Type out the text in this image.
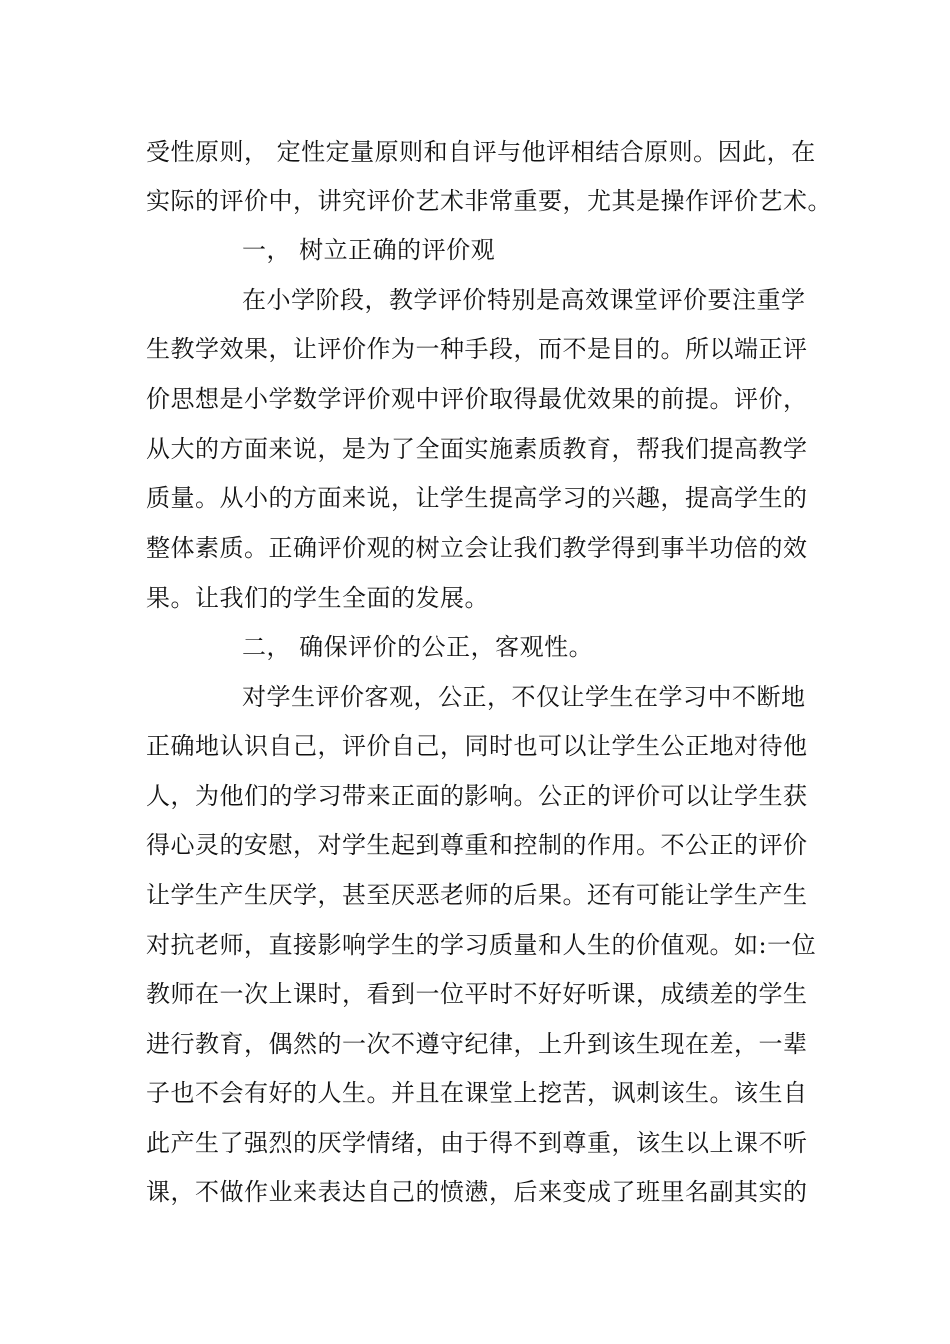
受性原则， 定性定量原则和自评与他评相结合原则。因此，在
实际的评价中，讲究评价艺术非常重要，尤其是操作评价艺术。
一， 树立正确的评价观
在小学阶段，教学评价特别是高效课堂评价要注重学
生教学效果，让评价作为一种手段，而不是目的。所以端正评
价思想是小学数学评价观中评价取得最优效果的前提。评价，
从大的方面来说，是为了全面实施素质教育，帮我们提高教学
质量。从小的方面来说，让学生提高学习的兴趣，提高学生的
整体素质。正确评价观的树立会让我们教学得到事半功倍的效
果。让我们的学生全面的发展。
二， 确保评价的公正，客观性。
对学生评价客观，公正，不仅让学生在学习中不断地
正确地认识自己，评价自己，同时也可以让学生公正地对待他
人，为他们的学习带来正面的影响。公正的评价可以让学生获
得心灵的安慰，对学生起到尊重和控制的作用。不公正的评价
让学生产生厌学，甚至厌恶老师的后果。还有可能让学生产生
对抗老师，直接影响学生的学习质量和人生的价值观。如:一位
教师在一次上课时，看到一位平时不好好听课，成绩差的学生
进行教育，偶然的一次不遵守纪律，上升到该生现在差，一辈
子也不会有好的人生。并且在课堂上挖苦，讽刺该生。该生自
此产生了强烈的厌学情绪，由于得不到尊重，该生以上课不听
课，不做作业来表达自己的愤懑，后来变成了班里名副其实的
